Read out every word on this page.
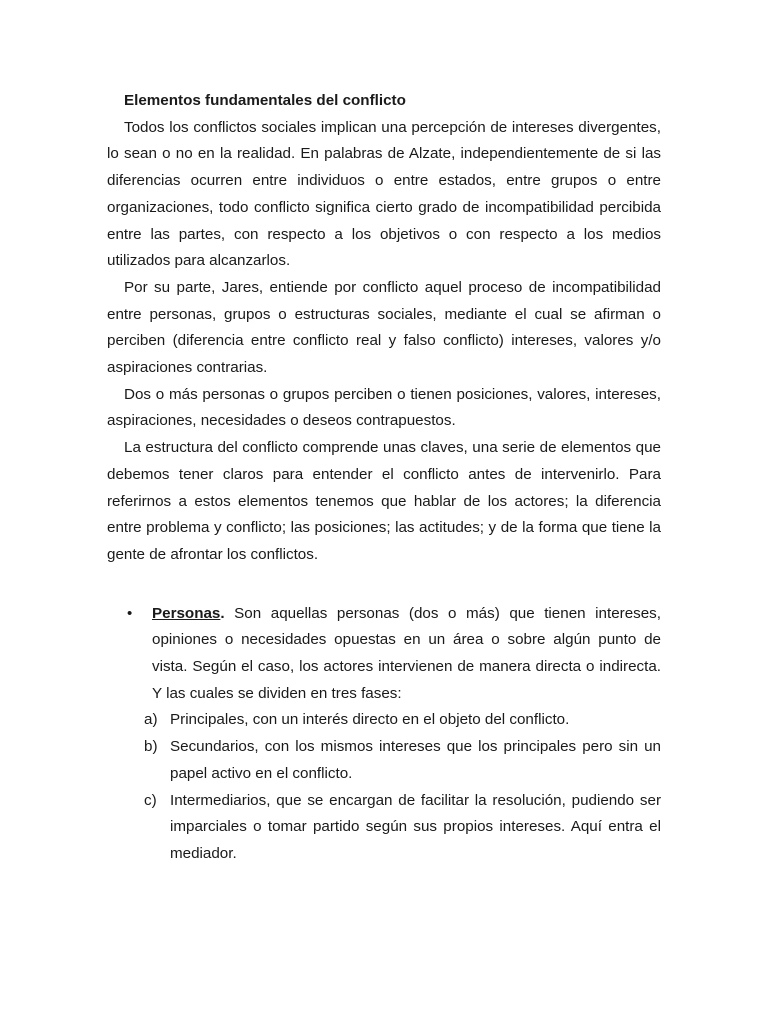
Elementos fundamentales del conflicto

Todos los conflictos sociales implican una percepción de intereses divergentes, lo sean o no en la realidad. En palabras de Alzate, independientemente de si las diferencias ocurren entre individuos o entre estados, entre grupos o entre organizaciones, todo conflicto significa cierto grado de incompatibilidad percibida entre las partes, con respecto a los objetivos o con respecto a los medios utilizados para alcanzarlos.

Por su parte, Jares, entiende por conflicto aquel proceso de incompatibilidad entre personas, grupos o estructuras sociales, mediante el cual se afirman o perciben (diferencia entre conflicto real y falso conflicto) intereses, valores y/o aspiraciones contrarias.

Dos o más personas o grupos perciben o tienen posiciones, valores, intereses, aspiraciones, necesidades o deseos contrapuestos.

La estructura del conflicto comprende unas claves, una serie de elementos que debemos tener claros para entender el conflicto antes de intervenirlo. Para referirnos a estos elementos tenemos que hablar de los actores; la diferencia entre problema y conflicto; las posiciones; las actitudes; y de la forma que tiene la gente de afrontar los conflictos.

• Personas. Son aquellas personas (dos o más) que tienen intereses, opiniones o necesidades opuestas en un área o sobre algún punto de vista. Según el caso, los actores intervienen de manera directa o indirecta. Y las cuales se dividen en tres fases:

a) Principales, con un interés directo en el objeto del conflicto.

b) Secundarios, con los mismos intereses que los principales pero sin un papel activo en el conflicto.

c) Intermediarios, que se encargan de facilitar la resolución, pudiendo ser imparciales o tomar partido según sus propios intereses. Aquí entra el mediador.
